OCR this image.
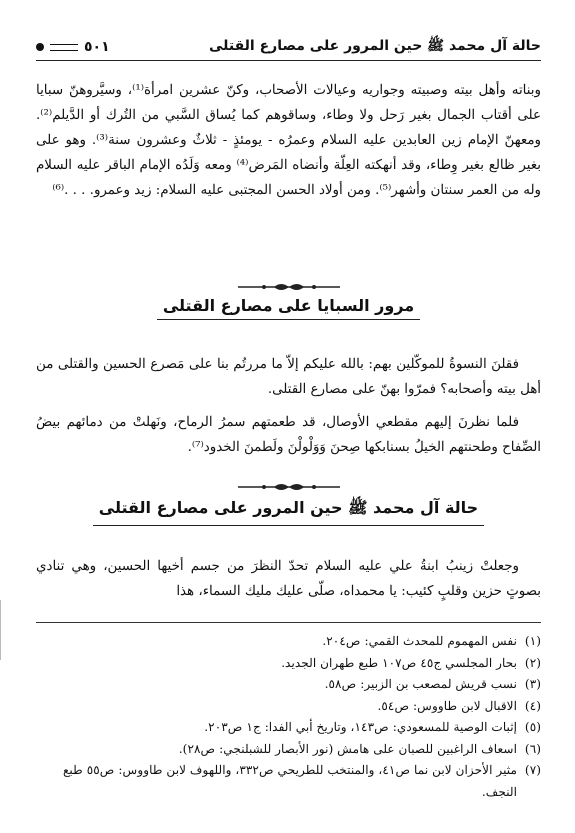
حالة آل محمد ﷺ حين المرور على مصارع القتلى
٥٠١

وبناته وأهل بيته وصبيته وجواريه وعيالات الأصحاب، وكنّ عشرين امرأة⁽¹⁾، وسيَّروهنّ سبايا على أقتاب الجمال بغير رَحل ولا وطاء، وساقوهم كما يُساق السَّبي من التُرك أو الدَّيلم⁽²⁾. ومعهنّ الإمام زين العابدين عليه السلام وعمرُه - يومئذٍ - ثلاثٌ وعشرون سنة⁽³⁾. وهو على بغير ظالع بغير وِطاء، وقد أنهكته العِلّة وأنضاه المَرض⁽⁴⁾ ومعه وَلَدُه الإمام الباقر عليه السلام وله من العمر سنتان وأشهر⁽⁵⁾. ومن أولاد الحسن المجتبى عليه السلام: زيد وعمرو. . . .⁽⁶⁾

مرور السبايا على مصارع القتلى

فقلنَ النسوةُ للموكّلين بهم: بالله عليكم إلاّ ما مررتُم بنا على مَصرع الحسين والقتلى من أهل بيته وأصحابه؟ فمرّوا بهنّ على مصارع القتلى.

فلما نظرنَ إليهم مقطعي الأوصال، قد طعمتهم سمرُ الرماح، ونَهلتْ من دمائهم بيضُ الصِّفاح وطحنتهم الخيلُ بسنابكها صِحنَ وَوَلْولْنَ ولَطمنَ الخدود⁽⁷⁾.

حالة آل محمد ﷺ حين المرور على مصارع القتلى

وجعلتْ زينبُ ابنةُ علي عليه السلام تحدّ النظرَ من جسم أخيها الحسين، وهي تنادي بصوتٍ حزين وقلبٍ كئيب: يا محمداه، صلّى عليك مليك السماء، هذا

(١)
نفس المهموم للمحدث القمي: ص٢٠٤.
(٢)
بحار المجلسي ج٤٥ ص١٠٧ طبع طهران الجديد.
(٣)
نسب قريش لمصعب بن الزبير: ص٥٨.
(٤)
الاقبال لابن طاووس: ص٥٤.
(٥)
إثبات الوصية للمسعودي: ص١٤٣، وتاريخ أبي الفدا: ج١ ص٢٠٣.
(٦)
اسعاف الراغبين للصبان على هامش (نور الأبصار للشبلنجي: ص٢٨).
(٧)
مثير الأحزان لابن نما ص٤١، والمنتخب للطريحي ص٣٣٢، واللهوف لابن طاووس: ص٥٥ طبع النجف.
